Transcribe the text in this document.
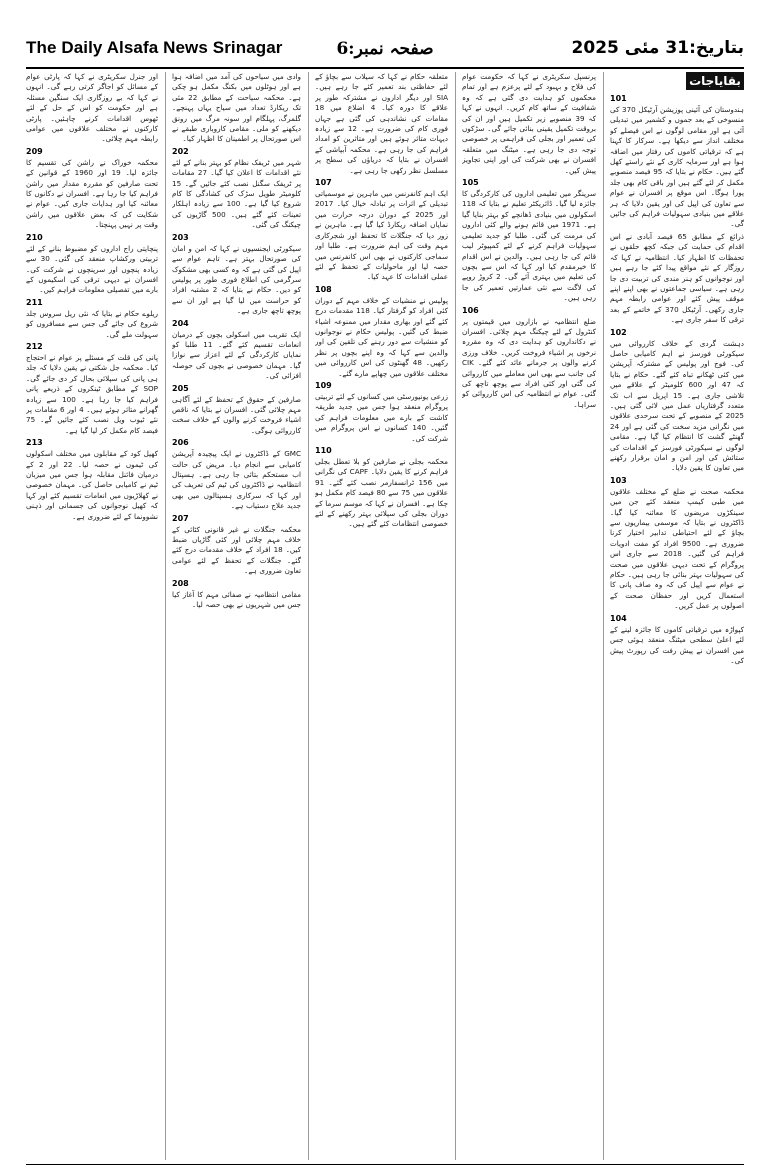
The Daily Alsafa News Srinagar	صفحہ نمبر:6	بتاریخ:31 مئی 2025
بقایاجات
101

ہندوستان کی آئینی پوزیشن آرٹیکل 370 کی منسوخی کے بعد جموں و کشمیر میں تبدیلی آئی ہے اور مقامی لوگوں نے اس فیصلے کو مختلف انداز سے دیکھا ہے۔ سرکار کا کہنا ہے کہ ترقیاتی کاموں کی رفتار میں اضافہ ہوا ہے اور سرمایہ کاری کے نئے راستے کھل گئے ہیں۔ حکام نے بتایا کہ 95 فیصد منصوبے مکمل کر لئے گئے ہیں اور باقی کام بھی جلد پورا ہوگا۔ اس موقع پر افسران نے عوام سے تعاون کی اپیل کی اور یقین دلایا کہ ہر علاقے میں بنیادی سہولیات فراہم کی جائیں گی۔

ذرائع کے مطابق 65 فیصد آبادی نے اس اقدام کی حمایت کی جبکہ کچھ حلقوں نے تحفظات کا اظہار کیا۔ انتظامیہ نے کہا کہ روزگار کے نئے مواقع پیدا کئے جا رہے ہیں اور نوجوانوں کو ہنر مندی کی تربیت دی جا رہی ہے۔ سیاسی جماعتوں نے بھی اپنے اپنے موقف پیش کئے اور عوامی رابطہ مہم جاری رکھی۔ آرٹیکل 370 کے خاتمے کے بعد ترقی کا سفر جاری ہے۔

102

دہشت گردی کے خلاف کارروائی میں سیکورٹی فورسز نے اہم کامیابی حاصل کی۔ فوج اور پولیس کے مشترکہ آپریشن میں کئی ٹھکانے تباہ کئے گئے۔ حکام نے بتایا کہ 47 اور 600 کلومیٹر کے علاقے میں تلاشی جاری ہے۔ 15 اپریل سے اب تک متعدد گرفتاریاں عمل میں لائی گئی ہیں۔ 2025 کے منصوبے کے تحت سرحدی علاقوں میں نگرانی مزید سخت کی گئی ہے اور 24 گھنٹے گشت کا انتظام کیا گیا ہے۔ مقامی لوگوں نے سیکورٹی فورسز کے اقدامات کی ستائش کی اور امن و امان برقرار رکھنے میں تعاون کا یقین دلایا۔

103

محکمہ صحت نے ضلع کے مختلف علاقوں میں طبی کیمپ منعقد کئے جن میں سینکڑوں مریضوں کا معائنہ کیا گیا۔ ڈاکٹروں نے بتایا کہ موسمی بیماریوں سے بچاؤ کے لئے احتیاطی تدابیر اختیار کرنا ضروری ہے۔ 9500 افراد کو مفت ادویات فراہم کی گئیں۔ 2018 سے جاری اس پروگرام کے تحت دیہی علاقوں میں صحت کی سہولیات بہتر بنائی جا رہی ہیں۔ حکام نے عوام سے اپیل کی کہ وہ صاف پانی کا استعمال کریں اور حفظان صحت کے اصولوں پر عمل کریں۔

104

کپواڑہ میں ترقیاتی کاموں کا جائزہ لینے کے لئے اعلیٰ سطحی میٹنگ منعقد ہوئی جس میں افسران نے پیش رفت کی رپورٹ پیش کی۔

پرنسپل سکریٹری نے کہا کہ حکومت عوام کی فلاح و بہبود کے لئے پرعزم ہے اور تمام محکموں کو ہدایت دی گئی ہے کہ وہ شفافیت کے ساتھ کام کریں۔ انہوں نے کہا کہ 39 منصوبے زیر تکمیل ہیں اور ان کی بروقت تکمیل یقینی بنائی جائے گی۔ سڑکوں کی تعمیر اور بجلی کی فراہمی پر خصوصی توجہ دی جا رہی ہے۔ میٹنگ میں متعلقہ افسران نے بھی شرکت کی اور اپنی تجاویز پیش کیں۔

105

سرینگر میں تعلیمی اداروں کی کارکردگی کا جائزہ لیا گیا۔ ڈائریکٹر تعلیم نے بتایا کہ 118 اسکولوں میں بنیادی ڈھانچے کو بہتر بنایا گیا ہے۔ 1971 میں قائم ہونے والے کئی اداروں کی مرمت کی گئی۔ طلبا کو جدید تعلیمی سہولیات فراہم کرنے کے لئے کمپیوٹر لیب قائم کی جا رہی ہیں۔ والدین نے اس اقدام کا خیرمقدم کیا اور کہا کہ اس سے بچوں کی تعلیم میں بہتری آئے گی۔ 2 کروڑ روپے کی لاگت سے نئی عمارتیں تعمیر کی جا رہی ہیں۔

106

ضلع انتظامیہ نے بازاروں میں قیمتوں پر کنٹرول کے لئے چیکنگ مہم چلائی۔ افسران نے دکانداروں کو ہدایت دی کہ وہ مقررہ نرخوں پر اشیاء فروخت کریں۔ خلاف ورزی کرنے والوں پر جرمانے عائد کئے گئے۔ CIK کی جانب سے بھی اس معاملے میں کارروائی کی گئی اور کئی افراد سے پوچھ تاچھ کی گئی۔ عوام نے انتظامیہ کی اس کارروائی کو سراہا۔

متعلقہ حکام نے کہا کہ سیلاب سے بچاؤ کے لئے حفاظتی بند تعمیر کئے جا رہے ہیں۔ SIA اور دیگر اداروں نے مشترکہ طور پر علاقے کا دورہ کیا۔ 4 اضلاع میں 18 مقامات کی نشاندہی کی گئی ہے جہاں فوری کام کی ضرورت ہے۔ 12 سے زیادہ دیہات متاثر ہوئے ہیں اور متاثرین کو امداد فراہم کی جا رہی ہے۔ محکمہ آبپاشی کے افسران نے بتایا کہ دریاؤں کی سطح پر مسلسل نظر رکھی جا رہی ہے۔

107

ایک اہم کانفرنس میں ماہرین نے موسمیاتی تبدیلی کے اثرات پر تبادلہ خیال کیا۔ 2017 اور 2025 کے دوران درجہ حرارت میں نمایاں اضافہ ریکارڈ کیا گیا ہے۔ ماہرین نے زور دیا کہ جنگلات کا تحفظ اور شجرکاری مہم وقت کی اہم ضرورت ہے۔ طلبا اور سماجی کارکنوں نے بھی اس کانفرنس میں حصہ لیا اور ماحولیات کے تحفظ کے لئے عملی اقدامات کا عہد کیا۔

108

پولیس نے منشیات کے خلاف مہم کے دوران کئی افراد کو گرفتار کیا۔ 118 مقدمات درج کئے گئے اور بھاری مقدار میں ممنوعہ اشیاء ضبط کی گئیں۔ پولیس حکام نے نوجوانوں کو منشیات سے دور رہنے کی تلقین کی اور والدین سے کہا کہ وہ اپنے بچوں پر نظر رکھیں۔ 48 گھنٹوں کی اس کارروائی میں مختلف علاقوں میں چھاپے مارے گئے۔

109

زرعی یونیورسٹی میں کسانوں کے لئے تربیتی پروگرام منعقد ہوا جس میں جدید طریقہ کاشت کے بارے میں معلومات فراہم کی گئیں۔ 140 کسانوں نے اس پروگرام میں شرکت کی۔

110

محکمہ بجلی نے صارفین کو بلا تعطل بجلی فراہم کرنے کا یقین دلایا۔ CAPF کی نگرانی میں 156 ٹرانسفارمر نصب کئے گئے۔ 91 علاقوں میں 75 سے 80 فیصد کام مکمل ہو چکا ہے۔ افسران نے کہا کہ موسم سرما کے دوران بجلی کی سپلائی بہتر رکھنے کے لئے خصوصی انتظامات کئے گئے ہیں۔

وادی میں سیاحوں کی آمد میں اضافہ ہوا ہے اور ہوٹلوں میں بکنگ مکمل ہو چکی ہے۔ محکمہ سیاحت کے مطابق 22 مئی تک ریکارڈ تعداد میں سیاح یہاں پہنچے۔ گلمرگ، پہلگام اور سونہ مرگ میں رونق دیکھنے کو ملی۔ مقامی کاروباری طبقے نے اس صورتحال پر اطمینان کا اظہار کیا۔

202

شہر میں ٹریفک نظام کو بہتر بنانے کے لئے نئے اقدامات کا اعلان کیا گیا۔ 27 مقامات پر ٹریفک سگنل نصب کئے جائیں گے۔ 15 کلومیٹر طویل سڑک کی کشادگی کا کام شروع کیا گیا ہے۔ 100 سے زیادہ اہلکار تعینات کئے گئے ہیں۔ 500 گاڑیوں کی چیکنگ کی گئی۔

203

سیکورٹی ایجنسیوں نے کہا کہ امن و امان کی صورتحال بہتر ہے۔ تاہم عوام سے اپیل کی گئی ہے کہ وہ کسی بھی مشکوک سرگرمی کی اطلاع فوری طور پر پولیس کو دیں۔ حکام نے بتایا کہ 2 مشتبہ افراد کو حراست میں لیا گیا ہے اور ان سے پوچھ تاچھ جاری ہے۔

204

ایک تقریب میں اسکولی بچوں کے درمیان انعامات تقسیم کئے گئے۔ 11 طلبا کو نمایاں کارکردگی کے لئے اعزاز سے نوازا گیا۔ مہمان خصوصی نے بچوں کی حوصلہ افزائی کی۔

205

صارفین کے حقوق کے تحفظ کے لئے آگاہی مہم چلائی گئی۔ افسران نے بتایا کہ ناقص اشیاء فروخت کرنے والوں کے خلاف سخت کارروائی ہوگی۔

206

GMC کے ڈاکٹروں نے ایک پیچیدہ آپریشن کامیابی سے انجام دیا۔ مریض کی حالت اب مستحکم بتائی جا رہی ہے۔ ہسپتال انتظامیہ نے ڈاکٹروں کی ٹیم کی تعریف کی اور کہا کہ سرکاری ہسپتالوں میں بھی جدید علاج دستیاب ہے۔

207

محکمہ جنگلات نے غیر قانونی کٹائی کے خلاف مہم چلائی اور کئی گاڑیاں ضبط کیں۔ 18 افراد کے خلاف مقدمات درج کئے گئے۔ جنگلات کے تحفظ کے لئے عوامی تعاون ضروری ہے۔

208

مقامی انتظامیہ نے صفائی مہم کا آغاز کیا جس میں شہریوں نے بھی حصہ لیا۔

اور جنرل سکریٹری نے کہا کہ پارٹی عوام کے مسائل کو اجاگر کرتی رہے گی۔ انہوں نے کہا کہ بے روزگاری ایک سنگین مسئلہ ہے اور حکومت کو اس کے حل کے لئے ٹھوس اقدامات کرنے چاہئیں۔ پارٹی کارکنوں نے مختلف علاقوں میں عوامی رابطہ مہم چلائی۔

209

محکمہ خوراک نے راشن کی تقسیم کا جائزہ لیا۔ 19 اور 1960 کے قوانین کے تحت صارفین کو مقررہ مقدار میں راشن فراہم کیا جا رہا ہے۔ افسران نے دکانوں کا معائنہ کیا اور ہدایات جاری کیں۔ عوام نے شکایت کی کہ بعض علاقوں میں راشن وقت پر نہیں پہنچتا۔

210

پنچایتی راج اداروں کو مضبوط بنانے کے لئے تربیتی ورکشاپ منعقد کی گئی۔ 30 سے زیادہ پنچوں اور سرپنچوں نے شرکت کی۔ افسران نے دیہی ترقی کی اسکیموں کے بارے میں تفصیلی معلومات فراہم کیں۔

211

ریلوے حکام نے بتایا کہ نئی ریل سروس جلد شروع کی جائے گی جس سے مسافروں کو سہولت ملے گی۔

212

پانی کی قلت کے مسئلے پر عوام نے احتجاج کیا۔ محکمہ جل شکتی نے یقین دلایا کہ جلد ہی پانی کی سپلائی بحال کر دی جائے گی۔ SOP کے مطابق ٹینکروں کے ذریعے پانی فراہم کیا جا رہا ہے۔ 100 سے زیادہ گھرانے متاثر ہوئے ہیں۔ 4 اور 6 مقامات پر نئے ٹیوب ویل نصب کئے جائیں گے۔ 75 فیصد کام مکمل کر لیا گیا ہے۔

213

کھیل کود کے مقابلوں میں مختلف اسکولوں کی ٹیموں نے حصہ لیا۔ 22 اور 2 کے درمیان فائنل مقابلہ ہوا جس میں میزبان ٹیم نے کامیابی حاصل کی۔ مہمان خصوصی نے کھلاڑیوں میں انعامات تقسیم کئے اور کہا کہ کھیل نوجوانوں کی جسمانی اور ذہنی نشوونما کے لئے ضروری ہے۔
